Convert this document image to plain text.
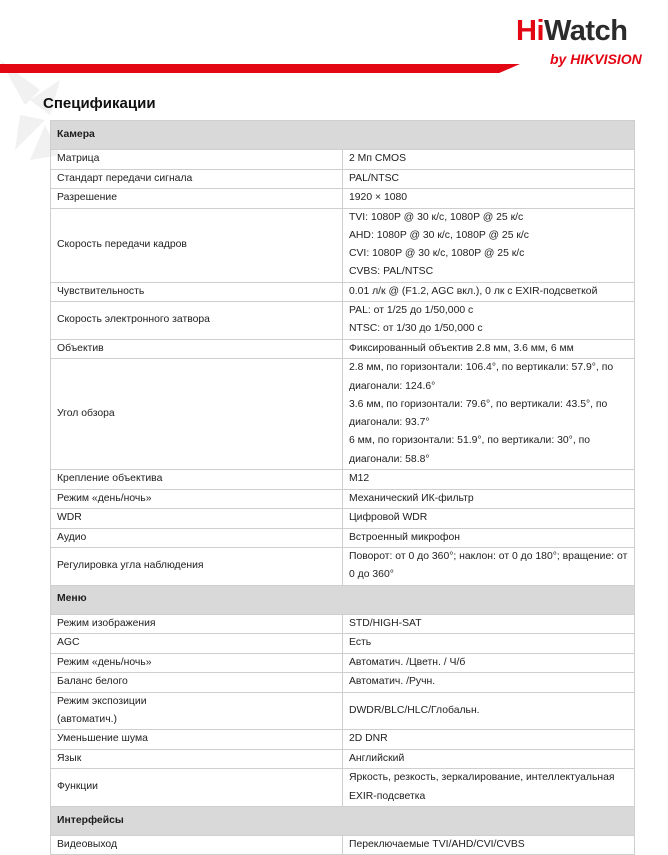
HiWatch
by HIKVISION
Спецификации
Камера	
Матрица	2 Мп CMOS

Стандарт передачи сигнала	PAL/NTSC

Разрешение	1920 × 1080

Скорость передачи кадров	TVI: 1080P @ 30 к/с, 1080P @ 25 к/с
AHD: 1080P @ 30 к/с, 1080P @ 25 к/с
CVI: 1080P @ 30 к/с, 1080P @ 25 к/с
CVBS: PAL/NTSC

Чувствительность	0.01 л/к @ (F1.2, AGC вкл.), 0 лк с EXIR-подсветкой

Скорость электронного затвора	PAL: от 1/25 до 1/50,000 с
NTSC: от 1/30 до 1/50,000 с

Объектив	Фиксированный объектив 2.8 мм, 3.6 мм, 6 мм

Угол обзора	2.8 мм, по горизонтали: 106.4°, по вертикали: 57.9°, по диагонали: 124.6°
3.6 мм, по горизонтали: 79.6°, по вертикали: 43.5°, по диагонали: 93.7°
6 мм, по горизонтали: 51.9°, по вертикали: 30°, по диагонали: 58.8°

Крепление объектива	M12

Режим «день/ночь»	Механический ИК-фильтр

WDR	Цифровой WDR

Аудио	Встроенный микрофон

Регулировка угла наблюдения	Поворот: от 0 до 360°; наклон: от 0 до 180°; вращение: от 0 до 360°

Меню	
Режим изображения	STD/HIGH-SAT

AGC	Есть

Режим «день/ночь»	Автоматич. /Цветн. / Ч/б

Баланс белого	Автоматич. /Ручн.

Режим экспозиции
(автоматич.)	DWDR/BLC/HLC/Глобальн.

Уменьшение шума	2D DNR

Язык	Английский

Функции	Яркость, резкость, зеркалирование, интеллектуальная EXIR-подсветка

Интерфейсы	
Видеовыход	Переключаемые TVI/AHD/CVI/CVBS
